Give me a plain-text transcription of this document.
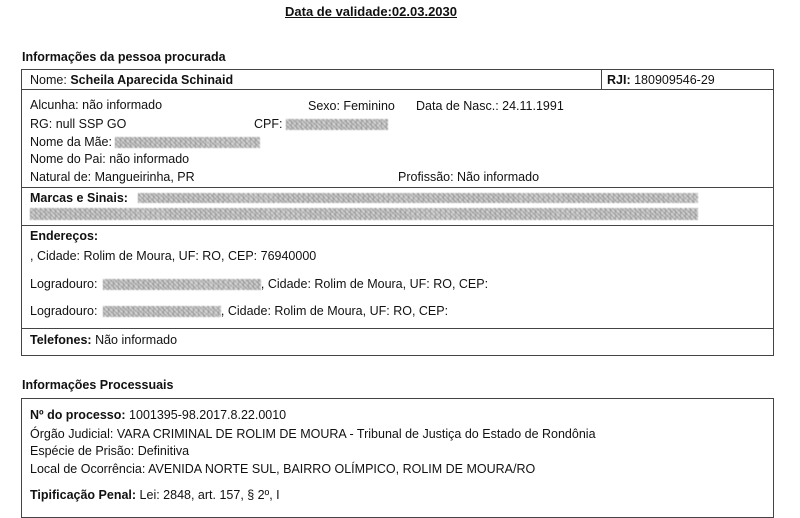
Data de validade:02.03.2030
Informações da pessoa procurada
Nome: Scheila Aparecida Schinaid	RJI: 180909546-29
Alcunha: não informado	Sexo: Feminino Data de Nasc.: 24.11.1991
RG: null SSP GO	CPF:
Nome da Mãe:
Nome do Pai: não informado
Natural de: Mangueirinha, PR	Profissão: Não informado
Marcas e Sinais:
Endereços:
, Cidade: Rolim de Moura, UF: RO, CEP: 76940000
Logradouro:	, Cidade: Rolim de Moura, UF: RO, CEP:
Logradouro:	, Cidade: Rolim de Moura, UF: RO, CEP:
Telefones: Não informado
Informações Processuais
Nº do processo: 1001395-98.2017.8.22.0010
Órgão Judicial: VARA CRIMINAL DE ROLIM DE MOURA - Tribunal de Justiça do Estado de Rondônia
Espécie de Prisão: Definitiva
Local de Ocorrência: AVENIDA NORTE SUL, BAIRRO OLÍMPICO, ROLIM DE MOURA/RO
Tipificação Penal: Lei: 2848, art. 157, § 2º, I
